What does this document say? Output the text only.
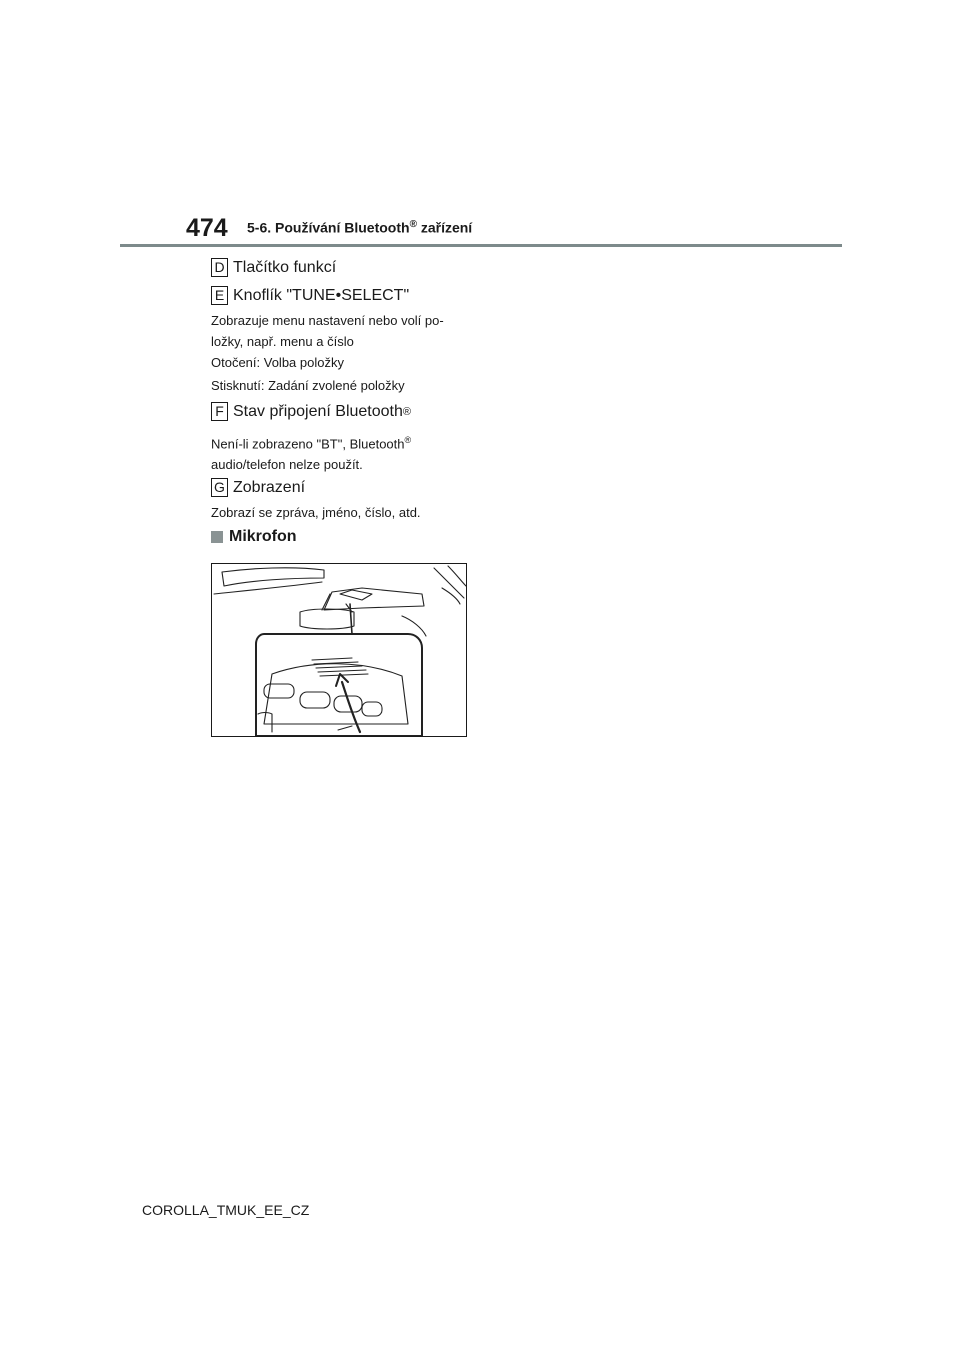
474 5-6. Používání Bluetooth® zařízení
D Tlačítko funkcí
E Knoflík "TUNE•SELECT"
Zobrazuje menu nastavení nebo volí po-
ložky, např. menu a číslo
Otočení: Volba položky
Stisknutí: Zadání zvolené položky
F Stav připojení Bluetooth ®
Není-li zobrazeno "BT", Bluetooth®
audio/telefon nelze použít.
G Zobrazení
Zobrazí se zpráva, jméno, číslo, atd.
Mikrofon
COROLLA_TMUK_EE_CZ
